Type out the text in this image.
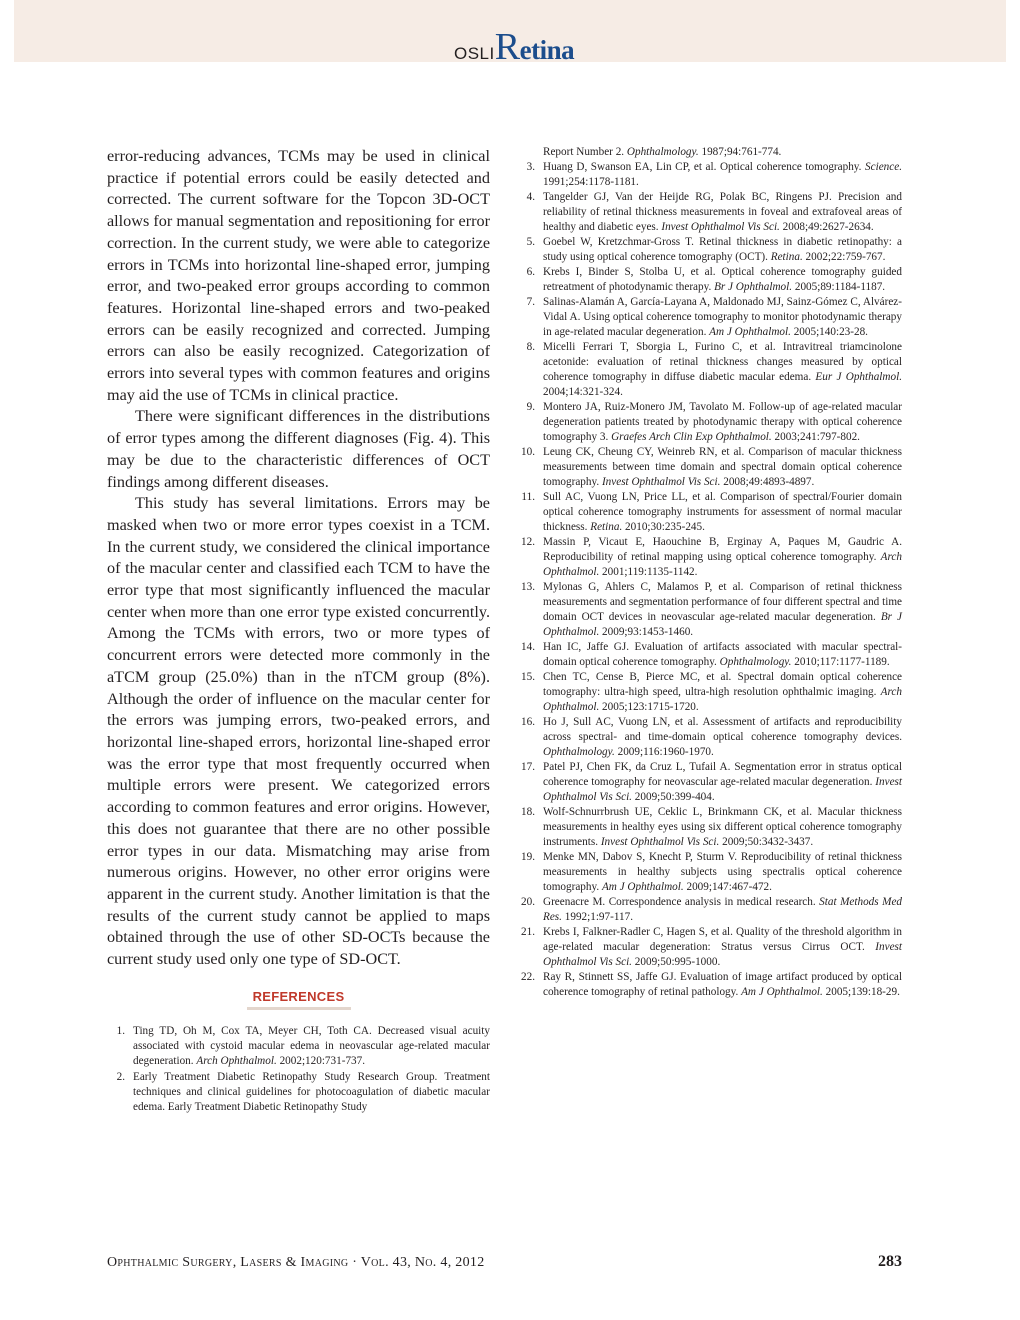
OSLI Retina

error-reducing advances, TCMs may be used in clinical practice if potential errors could be easily detected and corrected. The current software for the Topcon 3D-OCT allows for manual segmentation and repositioning for error correction. In the current study, we were able to categorize errors in TCMs into horizontal line-shaped error, jumping error, and two-peaked error groups according to common features. Horizontal line-shaped errors and two-peaked errors can be easily recognized and corrected. Jumping errors can also be easily recognized. Categorization of errors into several types with common features and origins may aid the use of TCMs in clinical practice.

There were significant differences in the distributions of error types among the different diagnoses (Fig. 4). This may be due to the characteristic differences of OCT findings among different diseases.

This study has several limitations. Errors may be masked when two or more error types coexist in a TCM. In the current study, we considered the clinical importance of the macular center and classified each TCM to have the error type that most significantly influenced the macular center when more than one error type existed concurrently. Among the TCMs with errors, two or more types of concurrent errors were detected more commonly in the aTCM group (25.0%) than in the nTCM group (8%). Although the order of influence on the macular center for the errors was jumping errors, two-peaked errors, and horizontal line-shaped errors, horizontal line-shaped error was the error type that most frequently occurred when multiple errors were present. We categorized errors according to common features and error origins. However, this does not guarantee that there are no other possible error types in our data. Mismatching may arise from numerous origins. However, no other error origins were apparent in the current study. Another limitation is that the results of the current study cannot be applied to maps obtained through the use of other SD-OCTs because the current study used only one type of SD-OCT.

REFERENCES
1. Ting TD, Oh M, Cox TA, Meyer CH, Toth CA. Decreased visual acuity associated with cystoid macular edema in neovascular age-related macular degeneration. Arch Ophthalmol. 2002;120:731-737.
2. Early Treatment Diabetic Retinopathy Study Research Group. Treatment techniques and clinical guidelines for photocoagulation of diabetic macular edema. Early Treatment Diabetic Retinopathy Study
Report Number 2. Ophthalmology. 1987;94:761-774.
3. Huang D, Swanson EA, Lin CP, et al. Optical coherence tomography. Science. 1991;254:1178-1181.
4. Tangelder GJ, Van der Heijde RG, Polak BC, Ringens PJ. Precision and reliability of retinal thickness measurements in foveal and extrafoveal areas of healthy and diabetic eyes. Invest Ophthalmol Vis Sci. 2008;49:2627-2634.
5. Goebel W, Kretzchmar-Gross T. Retinal thickness in diabetic retinopathy: a study using optical coherence tomography (OCT). Retina. 2002;22:759-767.
6. Krebs I, Binder S, Stolba U, et al. Optical coherence tomography guided retreatment of photodynamic therapy. Br J Ophthalmol. 2005;89:1184-1187.
7. Salinas-Alamán A, García-Layana A, Maldonado MJ, Sainz-Gómez C, Alvárez-Vidal A. Using optical coherence tomography to monitor photodynamic therapy in age-related macular degeneration. Am J Ophthalmol. 2005;140:23-28.
8. Micelli Ferrari T, Sborgia L, Furino C, et al. Intravitreal triamcinolone acetonide: evaluation of retinal thickness changes measured by optical coherence tomography in diffuse diabetic macular edema. Eur J Ophthalmol. 2004;14:321-324.
9. Montero JA, Ruiz-Monero JM, Tavolato M. Follow-up of age-related macular degeneration patients treated by photodynamic therapy with optical coherence tomography 3. Graefes Arch Clin Exp Ophthalmol. 2003;241:797-802.
10. Leung CK, Cheung CY, Weinreb RN, et al. Comparison of macular thickness measurements between time domain and spectral domain optical coherence tomography. Invest Ophthalmol Vis Sci. 2008;49:4893-4897.
11. Sull AC, Vuong LN, Price LL, et al. Comparison of spectral/Fourier domain optical coherence tomography instruments for assessment of normal macular thickness. Retina. 2010;30:235-245.
12. Massin P, Vicaut E, Haouchine B, Erginay A, Paques M, Gaudric A. Reproducibility of retinal mapping using optical coherence tomography. Arch Ophthalmol. 2001;119:1135-1142.
13. Mylonas G, Ahlers C, Malamos P, et al. Comparison of retinal thickness measurements and segmentation performance of four different spectral and time domain OCT devices in neovascular age-related macular degeneration. Br J Ophthalmol. 2009;93:1453-1460.
14. Han IC, Jaffe GJ. Evaluation of artifacts associated with macular spectral-domain optical coherence tomography. Ophthalmology. 2010;117:1177-1189.
15. Chen TC, Cense B, Pierce MC, et al. Spectral domain optical coherence tomography: ultra-high speed, ultra-high resolution ophthalmic imaging. Arch Ophthalmol. 2005;123:1715-1720.
16. Ho J, Sull AC, Vuong LN, et al. Assessment of artifacts and reproducibility across spectral- and time-domain optical coherence tomography devices. Ophthalmology. 2009;116:1960-1970.
17. Patel PJ, Chen FK, da Cruz L, Tufail A. Segmentation error in stratus optical coherence tomography for neovascular age-related macular degeneration. Invest Ophthalmol Vis Sci. 2009;50:399-404.
18. Wolf-Schnurrbrush UE, Ceklic L, Brinkmann CK, et al. Macular thickness measurements in healthy eyes using six different optical coherence tomography instruments. Invest Ophthalmol Vis Sci. 2009;50:3432-3437.
19. Menke MN, Dabov S, Knecht P, Sturm V. Reproducibility of retinal thickness measurements in healthy subjects using spectralis optical coherence tomography. Am J Ophthalmol. 2009;147:467-472.
20. Greenacre M. Correspondence analysis in medical research. Stat Methods Med Res. 1992;1:97-117.
21. Krebs I, Falkner-Radler C, Hagen S, et al. Quality of the threshold algorithm in age-related macular degeneration: Stratus versus Cirrus OCT. Invest Ophthalmol Vis Sci. 2009;50:995-1000.
22. Ray R, Stinnett SS, Jaffe GJ. Evaluation of image artifact produced by optical coherence tomography of retinal pathology. Am J Ophthalmol. 2005;139:18-29.
Ophthalmic Surgery, Lasers & Imaging · Vol. 43, No. 4, 2012	283
